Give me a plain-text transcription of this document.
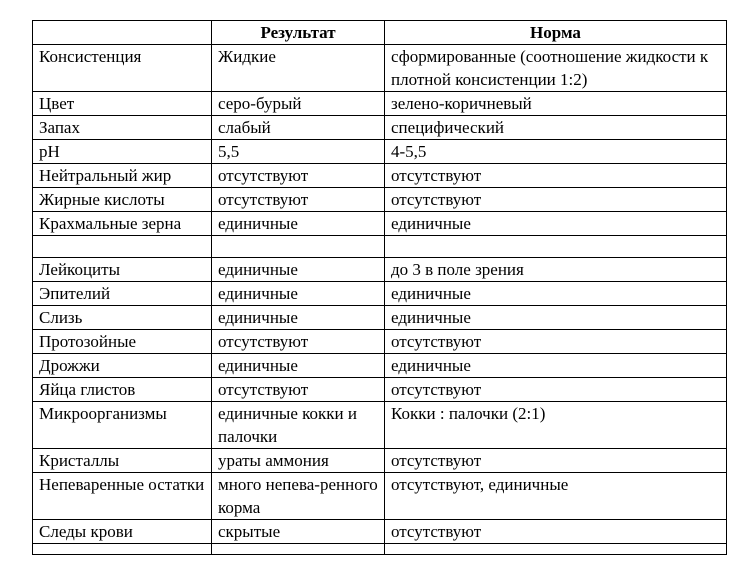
	Результат	Норма
Консистенция	Жидкие	сформированные (соотношение жидкости к плотной консистенции 1:2)
Цвет	серо-бурый	зелено-коричневый
Запах	слабый	специфический
pH	5,5	4-5,5
Нейтральный жир	отсутствуют	отсутствуют
Жирные кислоты	отсутствуют	отсутствуют
Крахмальные зерна	единичные	единичные

Лейкоциты	единичные	до 3 в поле зрения
Эпителий	единичные	единичные
Слизь	единичные	единичные
Протозойные	отсутствуют	отсутствуют
Дрожжи	единичные	единичные
Яйца глистов	отсутствуют	отсутствуют
Микроорганизмы	единичные кокки и палочки	Кокки : палочки (2:1)
Кристаллы	ураты аммония	отсутствуют
Непеваренные остатки	много непева-ренного корма	отсутствуют, единичные
Следы крови	скрытые	отсутствуют
